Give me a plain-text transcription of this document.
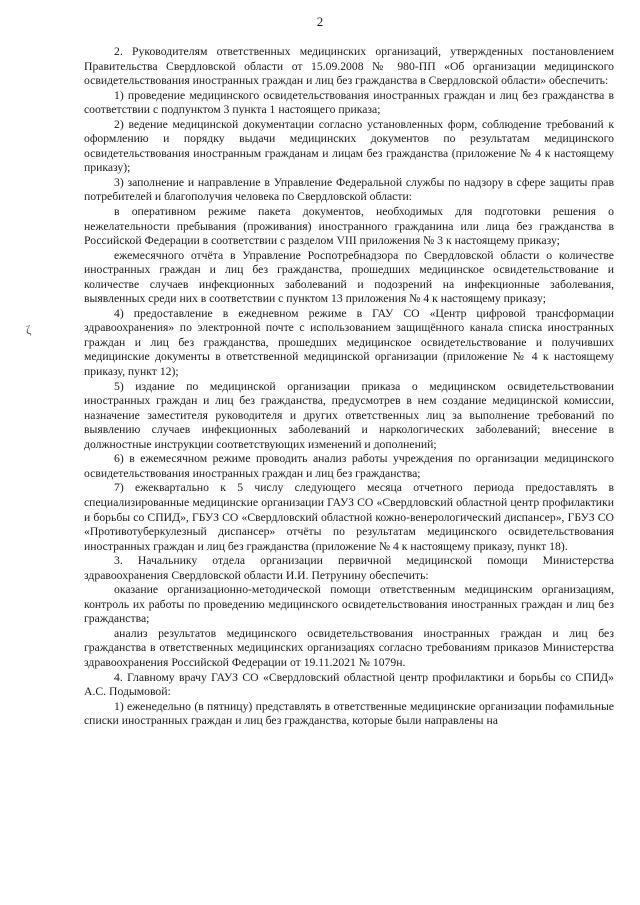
2
ζ

2. Руководителям ответственных медицинских организаций, утвержденных постановлением Правительства Свердловской области от 15.09.2008 № 980-ПП «Об организации медицинского освидетельствования иностранных граждан и лиц без гражданства в Свердловской области» обеспечить:

1) проведение медицинского освидетельствования иностранных граждан и лиц без гражданства в соответствии с подпунктом 3 пункта 1 настоящего приказа;

2) ведение медицинской документации согласно установленных форм, соблюдение требований к оформлению и порядку выдачи медицинских документов по результатам медицинского освидетельствования иностранным гражданам и лицам без гражданства (приложение № 4 к настоящему приказу);

3) заполнение и направление в Управление Федеральной службы по надзору в сфере защиты прав потребителей и благополучия человека по Свердловской области:

в оперативном режиме пакета документов, необходимых для подготовки решения о нежелательности пребывания (проживания) иностранного гражданина или лица без гражданства в Российской Федерации в соответствии с разделом VIII приложения № 3 к настоящему приказу;

ежемесячного отчёта в Управление Роспотребнадзора по Свердловской области о количестве иностранных граждан и лиц без гражданства, прошедших медицинское освидетельствование и количестве случаев инфекционных заболеваний и подозрений на инфекционные заболевания, выявленных среди них в соответствии с пунктом 13 приложения № 4 к настоящему приказу;

4) предоставление в ежедневном режиме в ГАУ СО «Центр цифровой трансформации здравоохранения» по электронной почте с использованием защищённого канала списка иностранных граждан и лиц без гражданства, прошедших медицинское освидетельствование и получивших медицинские документы в ответственной медицинской организации (приложение № 4 к настоящему приказу, пункт 12);

5) издание по медицинской организации приказа о медицинском освидетельствовании иностранных граждан и лиц без гражданства, предусмотрев в нем создание медицинской комиссии, назначение заместителя руководителя и других ответственных лиц за выполнение требований по выявлению случаев инфекционных заболеваний и наркологических заболеваний; внесение в должностные инструкции соответствующих изменений и дополнений;

6) в ежемесячном режиме проводить анализ работы учреждения по организации медицинского освидетельствования иностранных граждан и лиц без гражданства;

7) ежеквартально к 5 числу следующего месяца отчетного периода предоставлять в специализированные медицинские организации ГАУЗ СО «Свердловский областной центр профилактики и борьбы со СПИД», ГБУЗ СО «Свердловский областной кожно-венерологический диспансер», ГБУЗ СО «Противотуберкулезный диспансер» отчёты по результатам медицинского освидетельствования иностранных граждан и лиц без гражданства (приложение № 4 к настоящему приказу, пункт 18).

3. Начальнику отдела организации первичной медицинской помощи Министерства здравоохранения Свердловской области И.И. Петрунину обеспечить:

оказание организационно-методической помощи ответственным медицинским организациям, контроль их работы по проведению медицинского освидетельствования иностранных граждан и лиц без гражданства;

анализ результатов медицинского освидетельствования иностранных граждан и лиц без гражданства в ответственных медицинских организациях согласно требованиям приказов Министерства здравоохранения Российской Федерации от 19.11.2021 № 1079н.

4. Главному врачу ГАУЗ СО «Свердловский областной центр профилактики и борьбы со СПИД» А.С. Подымовой:

1) еженедельно (в пятницу) представлять в ответственные медицинские организации пофамильные списки иностранных граждан и лиц без гражданства, которые были направлены на
